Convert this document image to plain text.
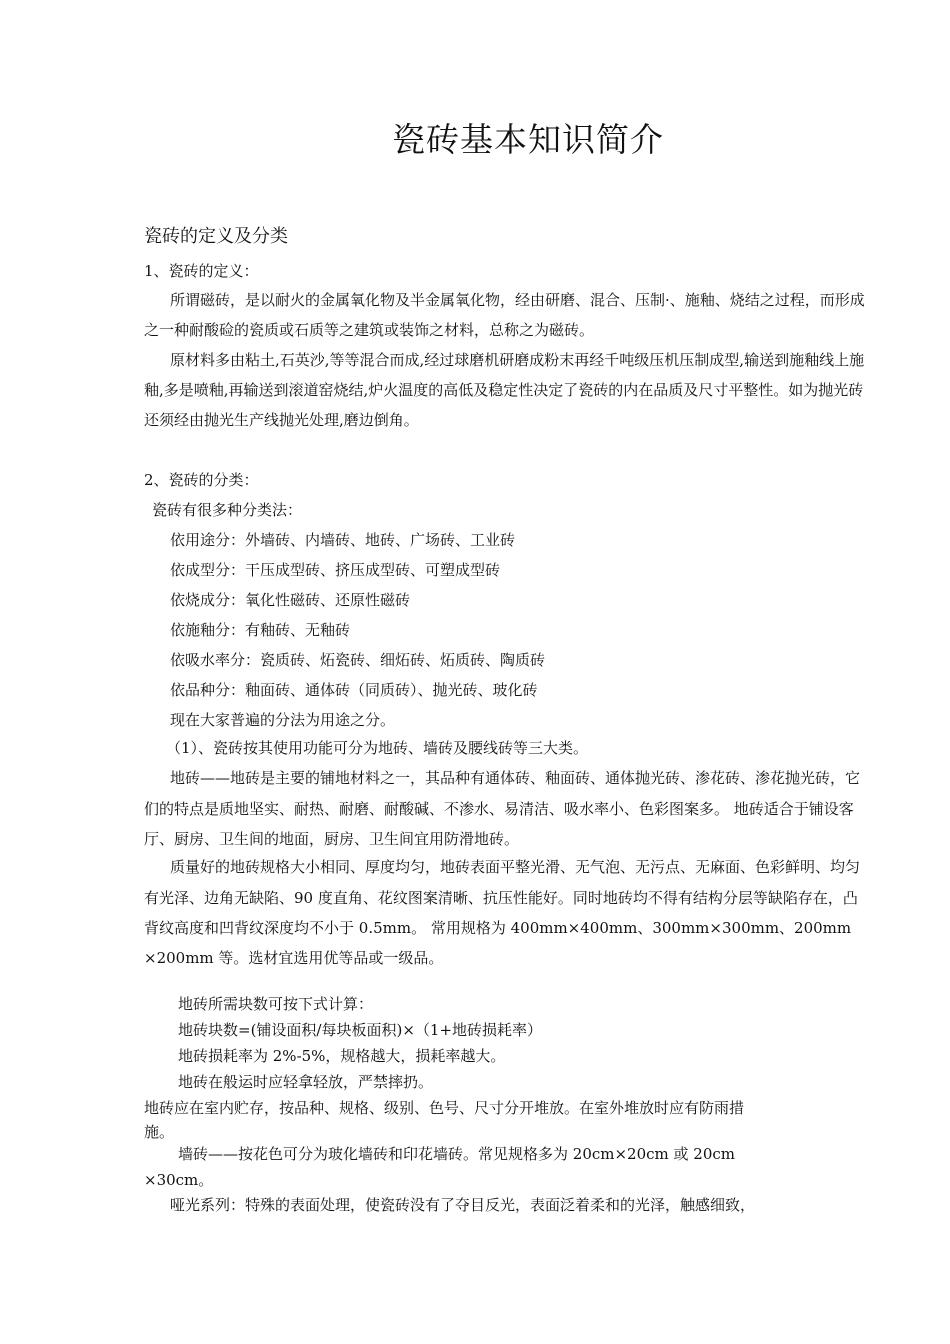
瓷砖基本知识简介
瓷砖的定义及分类
1、瓷砖的定义：
所谓磁砖，是以耐火的金属氧化物及半金属氧化物，经由研磨、混合、压制·、施釉、烧结之过程，而形成
之一种耐酸硷的瓷质或石质等之建筑或装饰之材料，总称之为磁砖。
原材料多由粘土,石英沙,等等混合而成,经过球磨机研磨成粉末再经千吨级压机压制成型,输送到施釉线上施
釉,多是喷釉,再输送到滚道窑烧结,炉火温度的高低及稳定性决定了瓷砖的内在品质及尺寸平整性。如为抛光砖
还须经由抛光生产线抛光处理,磨边倒角。
2、瓷砖的分类：
瓷砖有很多种分类法：
依用途分：外墙砖、内墙砖、地砖、广场砖、工业砖
依成型分：干压成型砖、挤压成型砖、可塑成型砖
依烧成分：氧化性磁砖、还原性磁砖
依施釉分：有釉砖、无釉砖
依吸水率分：瓷质砖、炻瓷砖、细炻砖、炻质砖、陶质砖
依品种分：釉面砖、通体砖（同质砖）、抛光砖、玻化砖
现在大家普遍的分法为用途之分。
（1）、瓷砖按其使用功能可分为地砖、墙砖及腰线砖等三大类。
地砖——地砖是主要的铺地材料之一，其品种有通体砖、釉面砖、通体抛光砖、渗花砖、渗花抛光砖，它
们的特点是质地坚实、耐热、耐磨、耐酸碱、不渗水、易清洁、吸水率小、色彩图案多。 地砖适合于铺设客
厅、厨房、卫生间的地面，厨房、卫生间宜用防滑地砖。
质量好的地砖规格大小相同、厚度均匀，地砖表面平整光滑、无气泡、无污点、无麻面、色彩鲜明、均匀
有光泽、边角无缺陷、90 度直角、花纹图案清晰、抗压性能好。同时地砖均不得有结构分层等缺陷存在，凸
背纹高度和凹背纹深度均不小于 0.5mm。 常用规格为 400mm×400mm、300mm×300mm、200mm
×200mm 等。选材宜选用优等品或一级品。
地砖所需块数可按下式计算：
地砖块数=(铺设面积/每块板面积)×（1+地砖损耗率）
地砖损耗率为 2%-5%，规格越大，损耗率越大。
地砖在般运时应轻拿轻放，严禁摔扔。
地砖应在室内贮存，按品种、规格、级别、色号、尺寸分开堆放。在室外堆放时应有防雨措
施。
墙砖——按花色可分为玻化墙砖和印花墙砖。常见规格多为 20cm×20cm 或 20cm
×30cm。
哑光系列：特殊的表面处理，使瓷砖没有了夺目反光，表面泛着柔和的光泽，触感细致，
